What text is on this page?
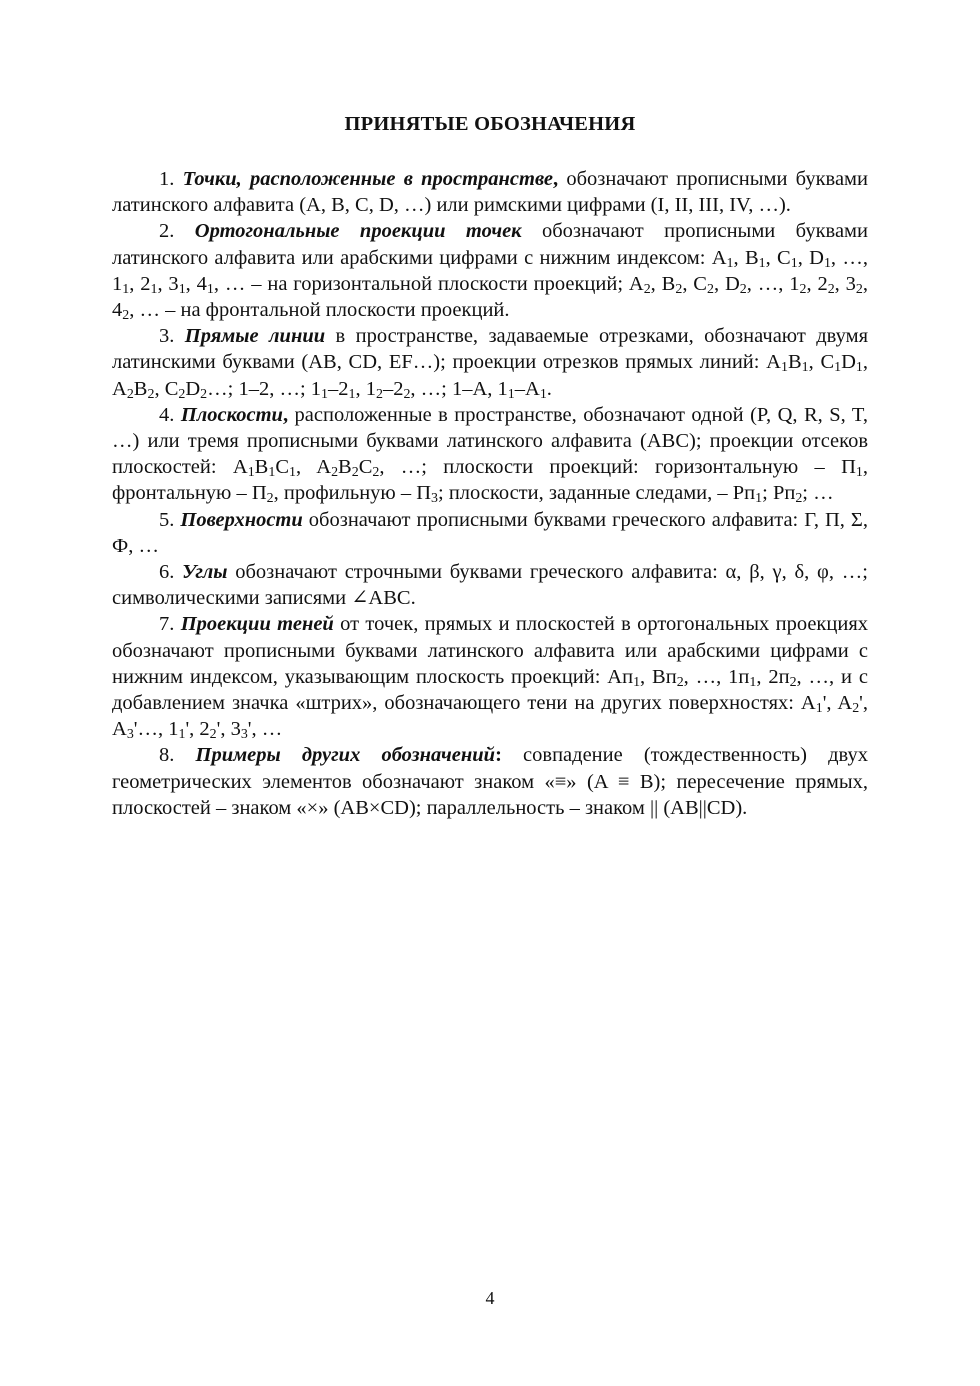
ПРИНЯТЫЕ ОБОЗНАЧЕНИЯ

1. Точки, расположенные в пространстве, обозначают прописными буквами латинского алфавита (A, B, C, D, …) или римскими цифрами (I, II, III, IV, …).

2. Ортогональные проекции точек обозначают прописными буквами латинского алфавита или арабскими цифрами с нижним индексом: $A_1$, $B_1$, $C_1$, $D_1$, …, $1_1$, $2_1$, $3_1$, $4_1$, … – на горизонтальной плоскости проекций; $A_2$, $B_2$, $C_2$, $D_2$, …, $1_2$, $2_2$, $3_2$, $4_2$, … – на фронтальной плоскости проекций.

3. Прямые линии в пространстве, задаваемые отрезками, обозначают двумя латинскими буквами (AB, CD, EF…); проекции отрезков прямых линий: $A_1B_1$, $C_1D_1$, $A_2B_2$, $C_2D_2\dots$; 1–2, …; $1_1-2_1$, $1_2-2_2$, …; 1–A, $1_1-A_1$.

4. Плоскости, расположенные в пространстве, обозначают одной (P, Q, R, S, T, …) или тремя прописными буквами латинского алфавита (ABC); проекции отсеков плоскостей: $A_1B_1C_1$, $A_2B_2C_2$, …; плоскости проекций: горизонтальную – $П_1$, фронтальную – $П_2$, профильную – $П_3$; плоскости, заданные следами, – $Pп_1$; $Pп_2$; …

5. Поверхности обозначают прописными буквами греческого алфавита: Г, П, Σ, Ф, …

6. Углы обозначают строчными буквами греческого алфавита: α, β, γ, δ, φ, …; символическими записями ∠ABC.

7. Проекции теней от точек, прямых и плоскостей в ортогональных проекциях обозначают прописными буквами латинского алфавита или арабскими цифрами с нижним индексом, указывающим плоскость проекций: $Aп_1$, $Bп_2$, …, $1п_1$, $2п_2$, …, и с добавлением значка «штрих», обозначающего тени на других поверхностях: $A_1'$, $A_2'$, $A_3'\dots$, $1_1'$, $2_2'$, $3_3'$, …

8. Примеры других обозначений: совпадение (тождественность) двух геометрических элементов обозначают знаком «≡» (A ≡ B); пересечение прямых, плоскостей – знаком «×» (AB×CD); параллельность – знаком || (AB||CD).

4
